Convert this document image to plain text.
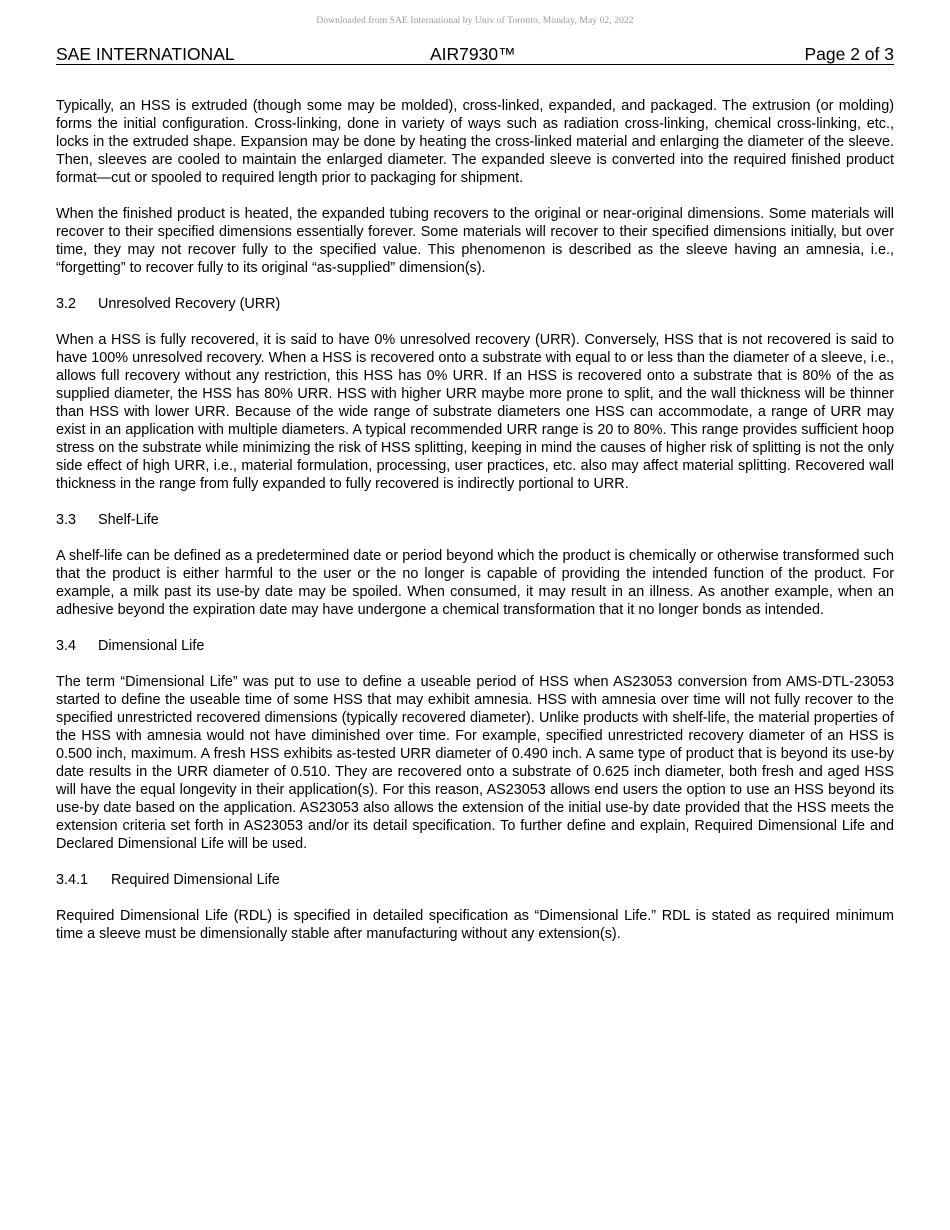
Downloaded from SAE International by Univ of Toronto, Monday, May 02, 2022
SAE INTERNATIONAL	AIR7930™	Page 2 of 3

Typically, an HSS is extruded (though some may be molded), cross-linked, expanded, and packaged. The extrusion (or molding) forms the initial configuration. Cross-linking, done in variety of ways such as radiation cross-linking, chemical cross-linking, etc., locks in the extruded shape. Expansion may be done by heating the cross-linked material and enlarging the diameter of the sleeve. Then, sleeves are cooled to maintain the enlarged diameter. The expanded sleeve is converted into the required finished product format—cut or spooled to required length prior to packaging for shipment.

When the finished product is heated, the expanded tubing recovers to the original or near-original dimensions. Some materials will recover to their specified dimensions essentially forever. Some materials will recover to their specified dimensions initially, but over time, they may not recover fully to the specified value. This phenomenon is described as the sleeve having an amnesia, i.e., “forgetting” to recover fully to its original “as-supplied” dimension(s).

3.2 Unresolved Recovery (URR)

When a HSS is fully recovered, it is said to have 0% unresolved recovery (URR). Conversely, HSS that is not recovered is said to have 100% unresolved recovery. When a HSS is recovered onto a substrate with equal to or less than the diameter of a sleeve, i.e., allows full recovery without any restriction, this HSS has 0% URR. If an HSS is recovered onto a substrate that is 80% of the as supplied diameter, the HSS has 80% URR. HSS with higher URR maybe more prone to split, and the wall thickness will be thinner than HSS with lower URR. Because of the wide range of substrate diameters one HSS can accommodate, a range of URR may exist in an application with multiple diameters. A typical recommended URR range is 20 to 80%. This range provides sufficient hoop stress on the substrate while minimizing the risk of HSS splitting, keeping in mind the causes of higher risk of splitting is not the only side effect of high URR, i.e., material formulation, processing, user practices, etc. also may affect material splitting. Recovered wall thickness in the range from fully expanded to fully recovered is indirectly portional to URR.

3.3 Shelf-Life

A shelf-life can be defined as a predetermined date or period beyond which the product is chemically or otherwise transformed such that the product is either harmful to the user or the no longer is capable of providing the intended function of the product. For example, a milk past its use-by date may be spoiled. When consumed, it may result in an illness. As another example, when an adhesive beyond the expiration date may have undergone a chemical transformation that it no longer bonds as intended.

3.4 Dimensional Life

The term “Dimensional Life” was put to use to define a useable period of HSS when AS23053 conversion from AMS-DTL-23053 started to define the useable time of some HSS that may exhibit amnesia. HSS with amnesia over time will not fully recover to the specified unrestricted recovered dimensions (typically recovered diameter). Unlike products with shelf-life, the material properties of the HSS with amnesia would not have diminished over time. For example, specified unrestricted recovery diameter of an HSS is 0.500 inch, maximum. A fresh HSS exhibits as-tested URR diameter of 0.490 inch. A same type of product that is beyond its use-by date results in the URR diameter of 0.510. They are recovered onto a substrate of 0.625 inch diameter, both fresh and aged HSS will have the equal longevity in their application(s). For this reason, AS23053 allows end users the option to use an HSS beyond its use-by date based on the application. AS23053 also allows the extension of the initial use-by date provided that the HSS meets the extension criteria set forth in AS23053 and/or its detail specification. To further define and explain, Required Dimensional Life and Declared Dimensional Life will be used.

3.4.1 Required Dimensional Life

Required Dimensional Life (RDL) is specified in detailed specification as “Dimensional Life.” RDL is stated as required minimum time a sleeve must be dimensionally stable after manufacturing without any extension(s).
